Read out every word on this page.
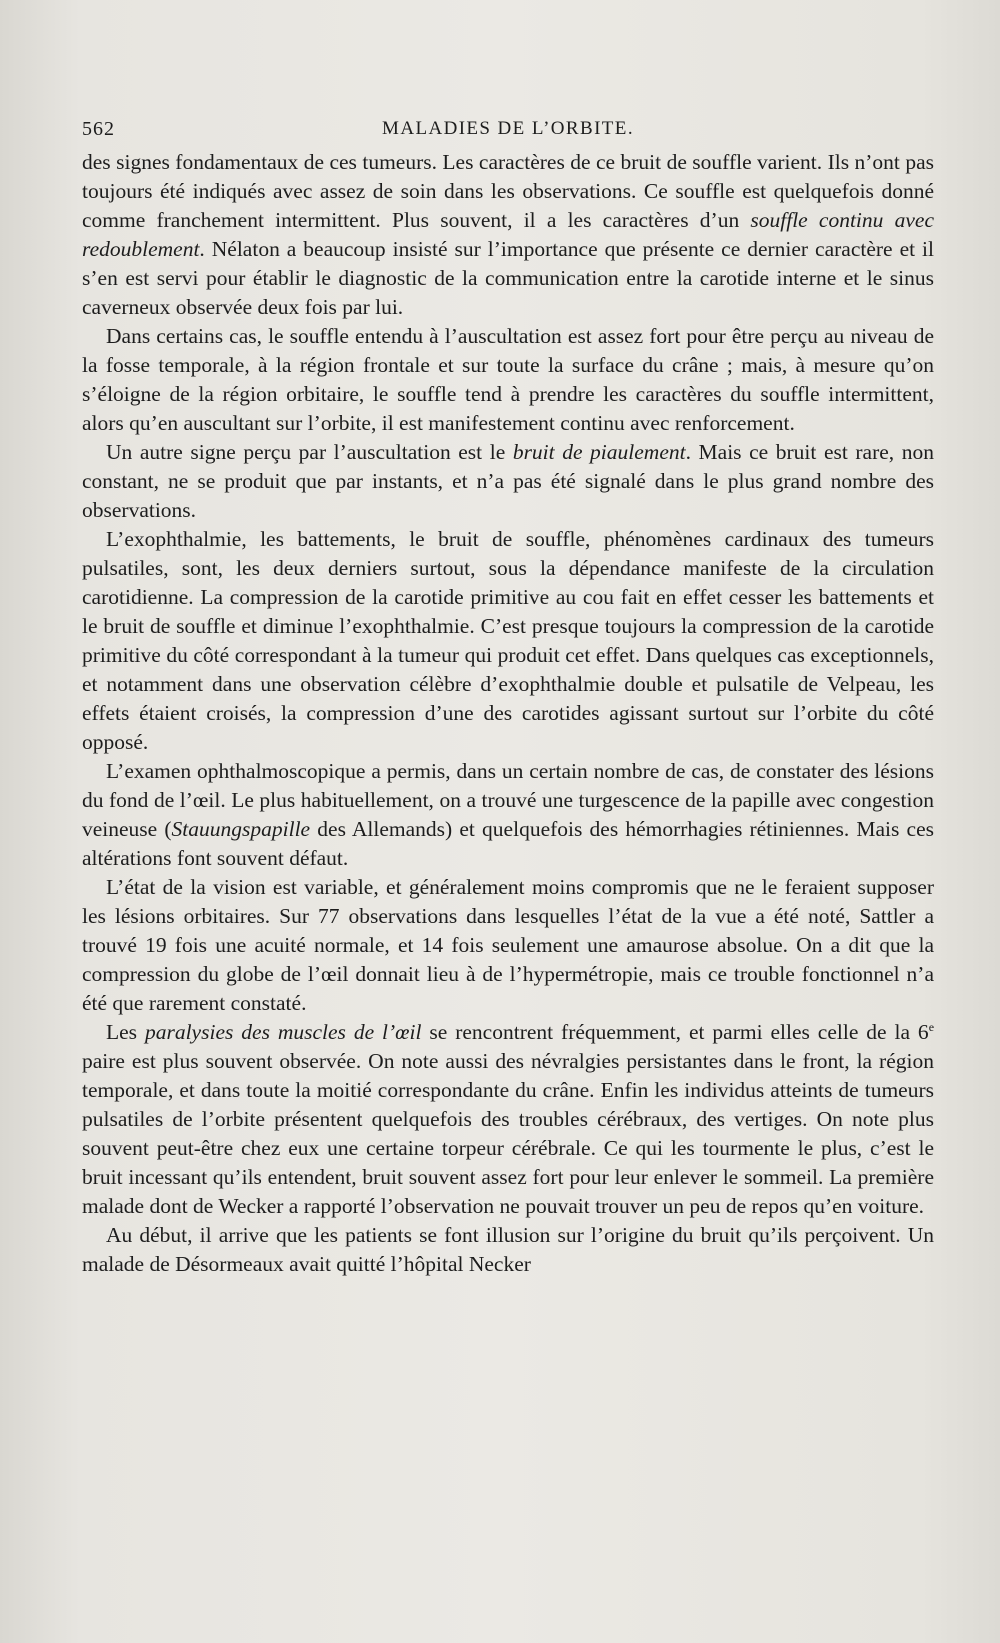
562	MALADIES DE L’ORBITE.

des signes fondamentaux de ces tumeurs. Les caractères de ce bruit de souffle varient. Ils n’ont pas toujours été indiqués avec assez de soin dans les observations. Ce souffle est quelquefois donné comme franchement intermittent. Plus souvent, il a les caractères d’un souffle continu avec redoublement. Nélaton a beaucoup insisté sur l’importance que présente ce dernier caractère et il s’en est servi pour établir le diagnostic de la communication entre la carotide interne et le sinus caverneux observée deux fois par lui.

Dans certains cas, le souffle entendu à l’auscultation est assez fort pour être perçu au niveau de la fosse temporale, à la région frontale et sur toute la surface du crâne ; mais, à mesure qu’on s’éloigne de la région orbitaire, le souffle tend à prendre les caractères du souffle intermittent, alors qu’en auscultant sur l’orbite, il est manifestement continu avec renforcement.

Un autre signe perçu par l’auscultation est le bruit de piaulement. Mais ce bruit est rare, non constant, ne se produit que par instants, et n’a pas été signalé dans le plus grand nombre des observations.

L’exophthalmie, les battements, le bruit de souffle, phénomènes cardinaux des tumeurs pulsatiles, sont, les deux derniers surtout, sous la dépendance manifeste de la circulation carotidienne. La compression de la carotide primitive au cou fait en effet cesser les battements et le bruit de souffle et diminue l’exophthalmie. C’est presque toujours la compression de la carotide primitive du côté correspondant à la tumeur qui produit cet effet. Dans quelques cas exceptionnels, et notamment dans une observation célèbre d’exophthalmie double et pulsatile de Velpeau, les effets étaient croisés, la compression d’une des carotides agissant surtout sur l’orbite du côté opposé.

L’examen ophthalmoscopique a permis, dans un certain nombre de cas, de constater des lésions du fond de l’œil. Le plus habituellement, on a trouvé une turgescence de la papille avec congestion veineuse (Stauungspapille des Allemands) et quelquefois des hémorrhagies rétiniennes. Mais ces altérations font souvent défaut.

L’état de la vision est variable, et généralement moins compromis que ne le feraient supposer les lésions orbitaires. Sur 77 observations dans lesquelles l’état de la vue a été noté, Sattler a trouvé 19 fois une acuité normale, et 14 fois seulement une amaurose absolue. On a dit que la compression du globe de l’œil donnait lieu à de l’hypermétropie, mais ce trouble fonctionnel n’a été que rarement constaté.

Les paralysies des muscles de l’œil se rencontrent fréquemment, et parmi elles celle de la 6e paire est plus souvent observée. On note aussi des névralgies persistantes dans le front, la région temporale, et dans toute la moitié correspondante du crâne. Enfin les individus atteints de tumeurs pulsatiles de l’orbite présentent quelquefois des troubles cérébraux, des vertiges. On note plus souvent peut-être chez eux une certaine torpeur cérébrale. Ce qui les tourmente le plus, c’est le bruit incessant qu’ils entendent, bruit souvent assez fort pour leur enlever le sommeil. La première malade dont de Wecker a rapporté l’observation ne pouvait trouver un peu de repos qu’en voiture.

Au début, il arrive que les patients se font illusion sur l’origine du bruit qu’ils perçoivent. Un malade de Désormeaux avait quitté l’hôpital Necker
